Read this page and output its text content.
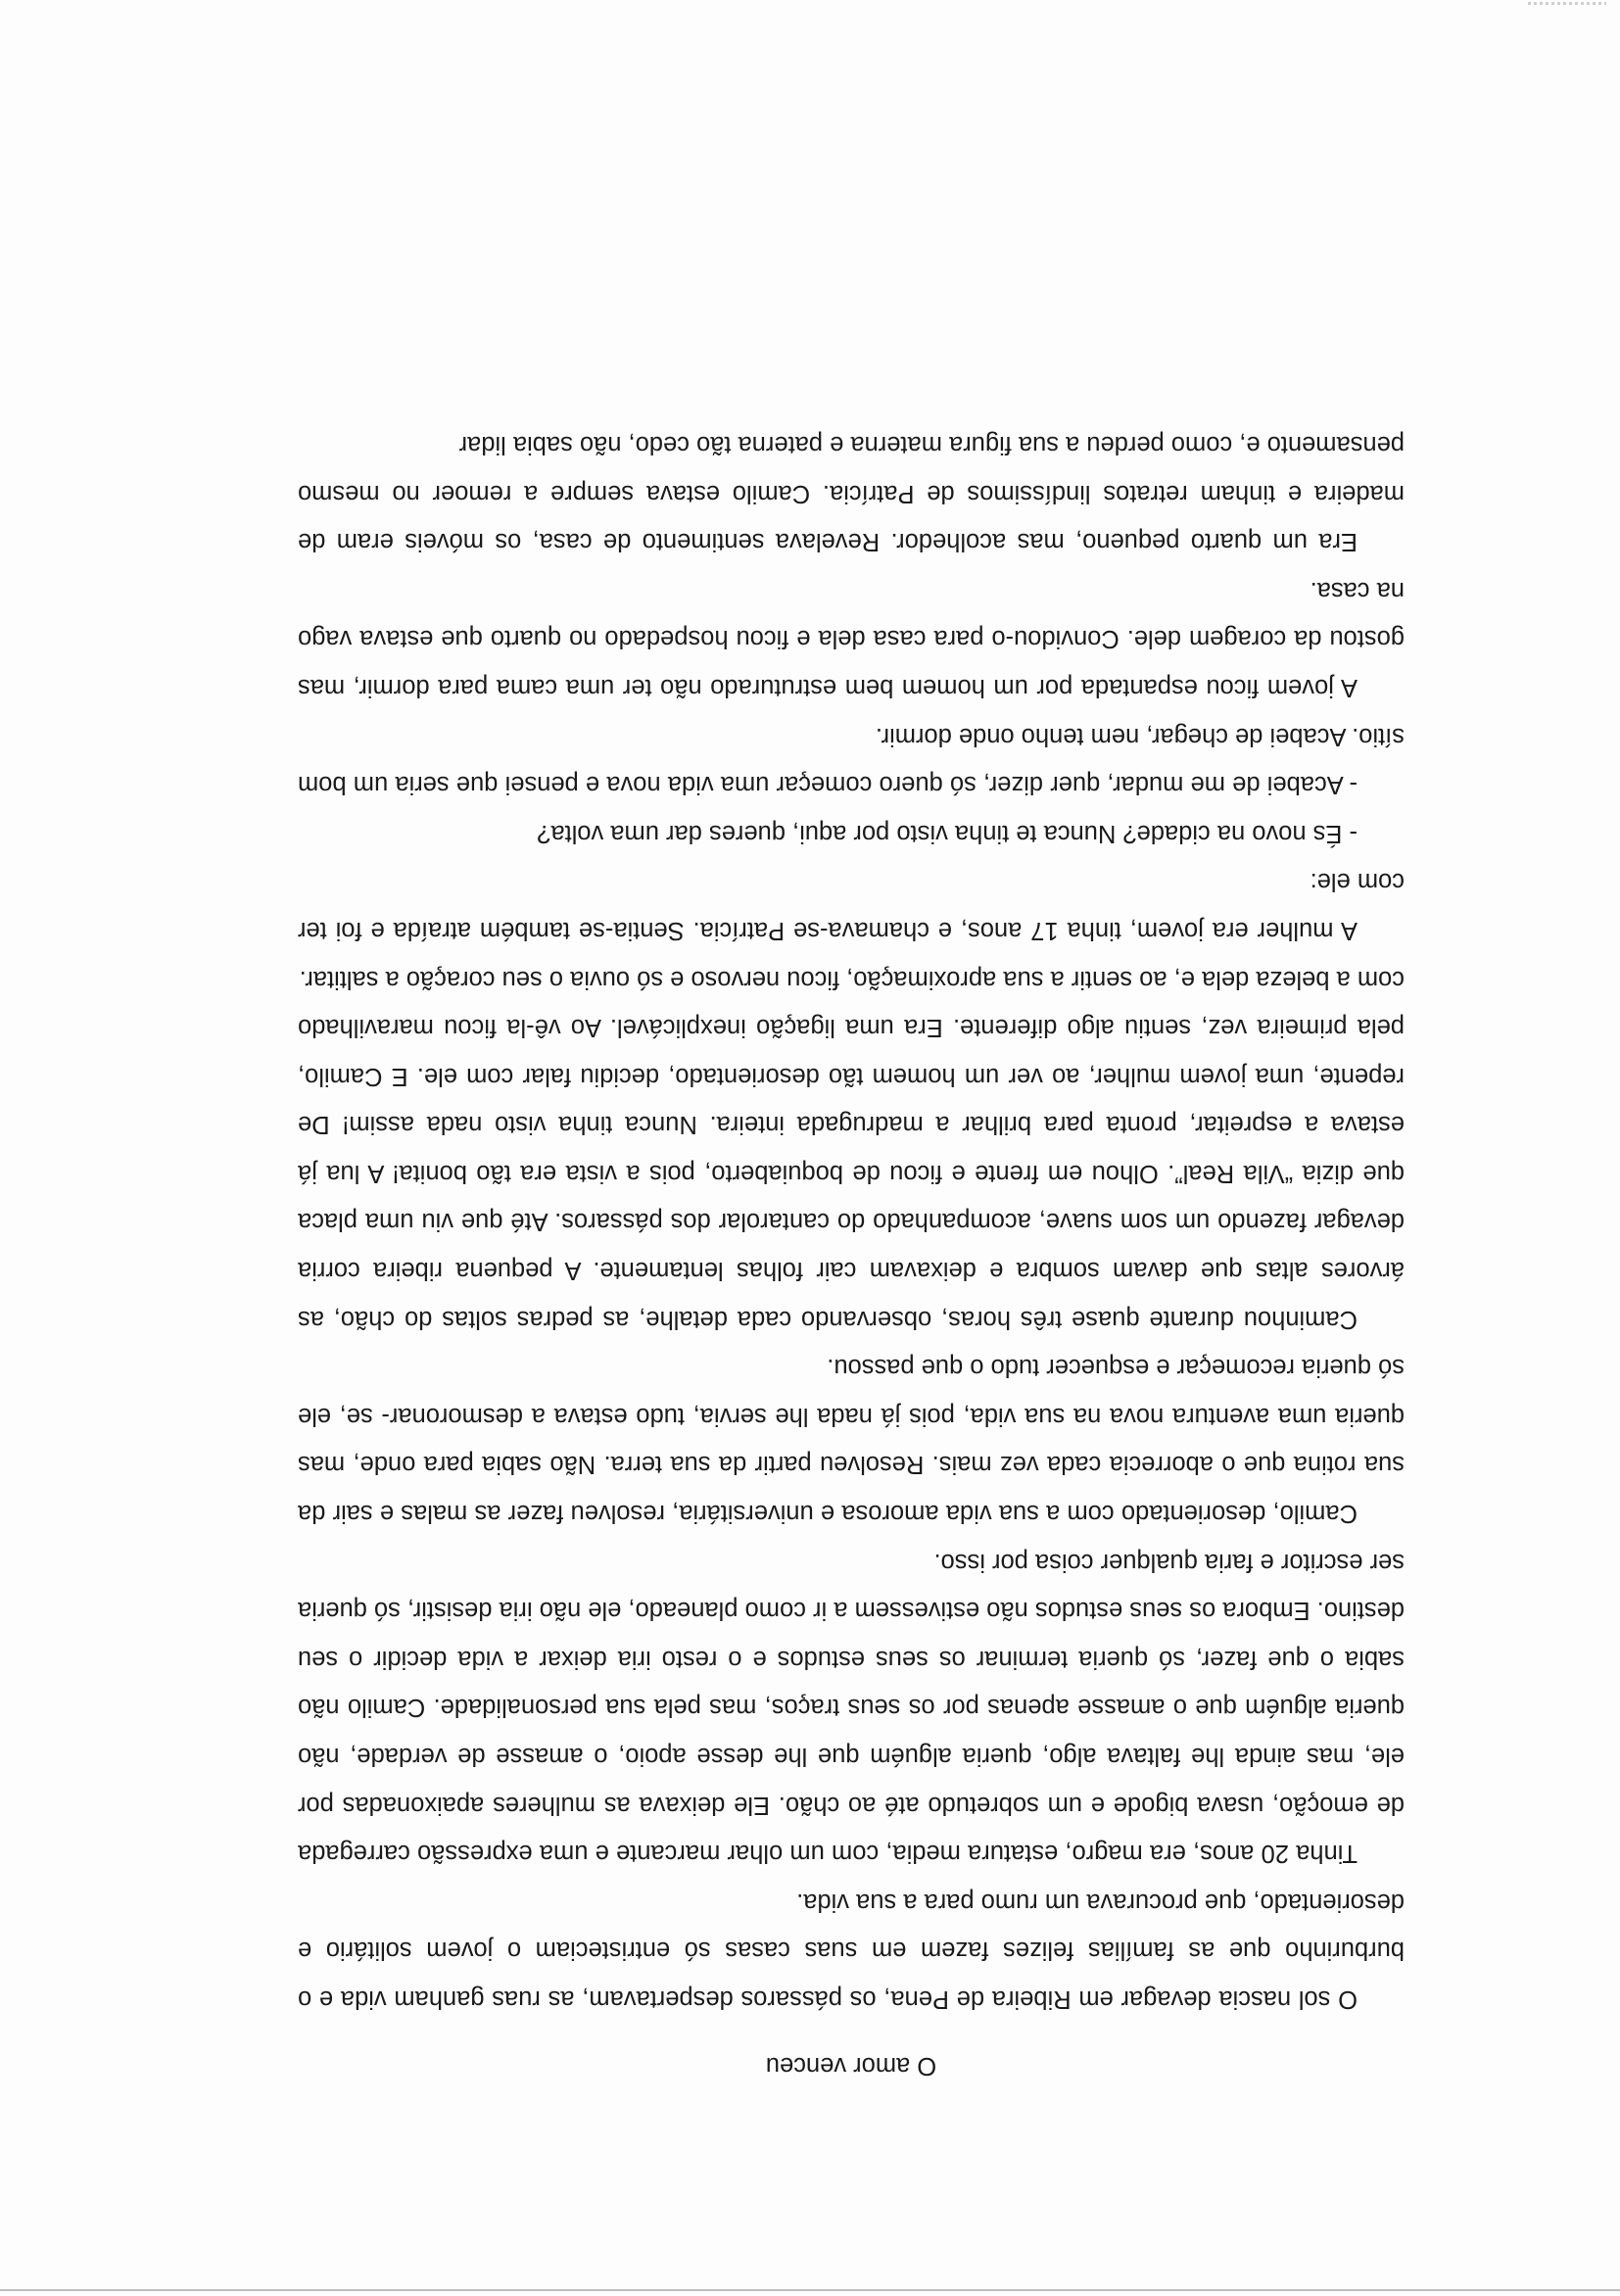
O amor venceu

O sol nascia devagar em Ribeira de Pena, os pássaros despertavam, as ruas ganham vida e o burburinho que as famílias felizes fazem em suas casas só entristeciam o jovem solitário e desorientado, que procurava um rumo para a sua vida.

Tinha 20 anos, era magro, estatura media, com um olhar marcante e uma expressão carregada de emoção, usava bigode e um sobretudo até ao chão. Ele deixava as mulheres apaixonadas por ele, mas ainda lhe faltava algo, queria alguém que lhe desse apoio, o amasse de verdade, não queria alguém que o amasse apenas por os seus traços, mas pela sua personalidade. Camilo não sabia o que fazer, só queria terminar os seus estudos e o resto iria deixar a vida decidir o seu destino. Embora os seus estudos não estivessem a ir como planeado, ele não iria desistir, só queria ser escritor e faria qualquer coisa por isso.

Camilo, desorientado com a sua vida amorosa e universitária, resolveu fazer as malas e sair da sua rotina que o aborrecia cada vez mais. Resolveu partir da sua terra. Não sabia para onde, mas queria uma aventura nova na sua vida, pois já nada lhe servia, tudo estava a desmoronar- se, ele só queria recomeçar e esquecer tudo o que passou.

Caminhou durante quase três horas, observando cada detalhe, as pedras soltas do chão, as árvores altas que davam sombra e deixavam cair folhas lentamente. A pequena ribeira corria devagar fazendo um som suave, acompanhado do cantarolar dos pássaros. Até que viu uma placa que dizia “Vila Real”. Olhou em frente e ficou de boquiaberto, pois a vista era tão bonita! A lua já estava a espreitar, pronta para brilhar a madrugada inteira. Nunca tinha visto nada assim! De repente, uma jovem mulher, ao ver um homem tão desorientado, decidiu falar com ele. E Camilo, pela primeira vez, sentiu algo diferente. Era uma ligação inexplicável. Ao vê-la ficou maravilhado com a beleza dela e, ao sentir a sua aproximação, ficou nervoso e só ouvia o seu coração a saltitar.

A mulher era jovem, tinha 17 anos, e chamava-se Patrícia. Sentia-se também atraída e foi ter com ele:

- És novo na cidade? Nunca te tinha visto por aqui, queres dar uma volta?

- Acabei de me mudar, quer dizer, só quero começar uma vida nova e pensei que seria um bom sítio. Acabei de chegar, nem tenho onde dormir.

A jovem ficou espantada por um homem bem estruturado não ter uma cama para dormir, mas gostou da coragem dele. Convidou-o para casa dela e ficou hospedado no quarto que estava vago na casa.

Era um quarto pequeno, mas acolhedor. Revelava sentimento de casa, os móveis eram de madeira e tinham retratos lindíssimos de Patrícia. Camilo estava sempre a remoer no mesmo pensamento e, como perdeu a sua figura materna e paterna tão cedo, não sabia lidar
